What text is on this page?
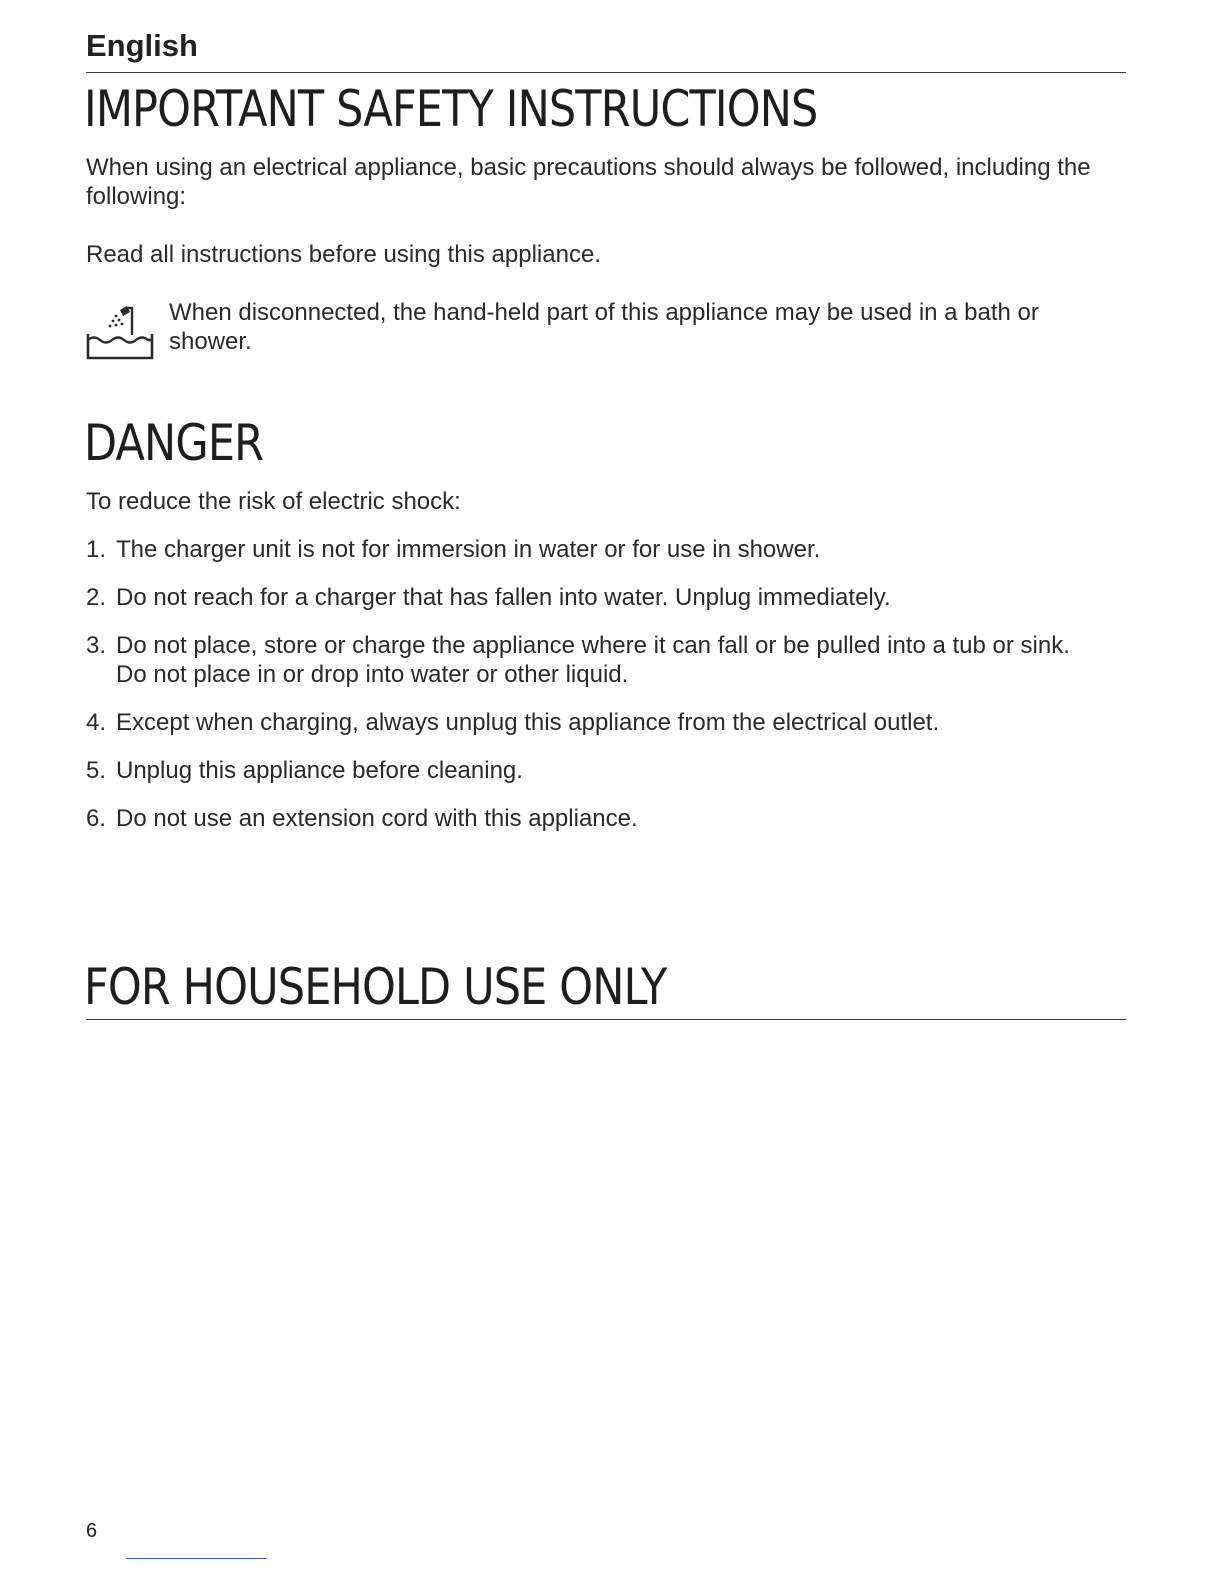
English

IMPORTANT SAFETY INSTRUCTIONS

When using an electrical appliance, basic precautions should always be followed, including the following:

Read all instructions before using this appliance.

When disconnected, the hand-held part of this appliance may be used in a bath or shower.

DANGER

To reduce the risk of electric shock:

1. The charger unit is not for immersion in water or for use in shower.
2. Do not reach for a charger that has fallen into water. Unplug immediately.
3. Do not place, store or charge the appliance where it can fall or be pulled into a tub or sink.
Do not place in or drop into water or other liquid.
4. Except when charging, always unplug this appliance from the electrical outlet.
5. Unplug this appliance before cleaning.
6. Do not use an extension cord with this appliance.
FOR HOUSEHOLD USE ONLY
6
